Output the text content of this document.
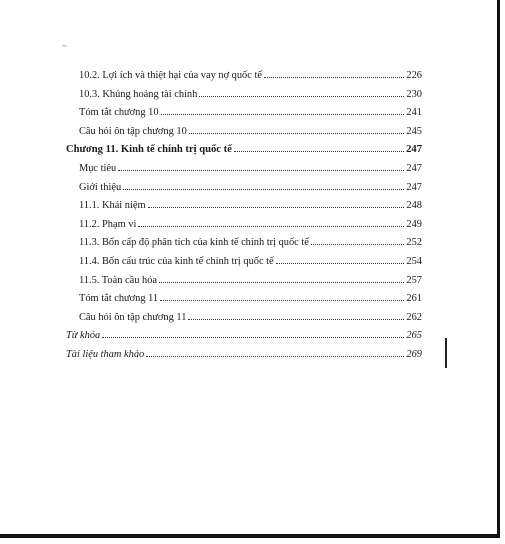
~
10.2. Lợi ích và thiệt hại của vay nợ quốc tế	226
10.3. Khủng hoảng tài chính	230
Tóm tắt chương 10	241
Câu hỏi ôn tập chương 10	245
Chương 11. Kinh tế chính trị quốc tế	247
Mục tiêu	247
Giới thiệu	247
11.1. Khái niệm	248
11.2. Phạm vi	249
11.3. Bốn cấp độ phân tích của kinh tế chính trị quốc tế	252
11.4. Bốn cấu trúc của kinh tế chính trị quốc tế	254
11.5. Toàn cầu hóa	257
Tóm tắt chương 11	261
Câu hỏi ôn tập chương 11	262
Từ khóa	265
Tài liệu tham khảo	269
